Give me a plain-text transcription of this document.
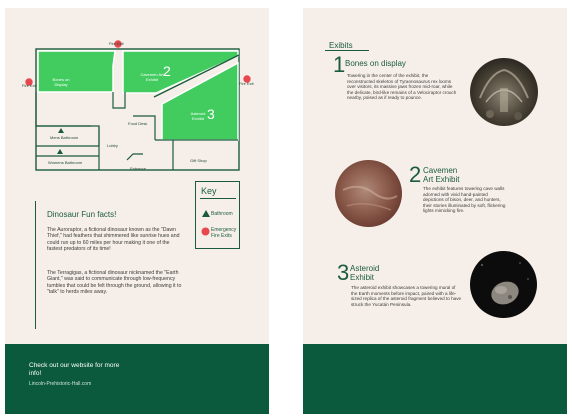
Fire Exit
Fire Exit	Fire Exit
Bones on
Display
Cavemen Art
Exhibit
2
Asteroid
Exhibit 3
Food Desk
Mens Bathroom
Womens Bathroom
Lobby
Entrance
Gift Shop
Key
Bathroom
Emergency
Fire Exits
Dinosaur Fun facts!
The Auroraptor, a fictional dinosaur known as the "Dawn Thief," had feathers that shimmered like sunrise hues and could run up to 60 miles per hour making it one of the fastest predators of its time!
The Terragigas, a fictional dinosaur nicknamed the "Earth Giant," was said to communicate through low-frequency tumbles that could be felt through the ground, allowing it to "talk" to herds miles away.
Check out our website for more
info!
Lincoln-Prehistoric-Hall.com
Exibits
1 Bones on display
Towering in the center of the exhibit, the reconstructed skeleton of Tyrannosaurus rex looms over visitors, its massive jaws frozen mid-roar, while the delicate, bird-like remains of a Velociraptor crouch nearby, poised as if ready to pounce.
2 Cavemen
Art Exhibit
The exhibit features towering cave walls adorned with vivid hand-painted depictions of bison, deer, and hunters, their stories illuminated by soft, flickering lights mimicking fire.
3 Asteroid
Exhibit
The asteroid exhibit showcases a towering mural of the Earth moments before impact, paired with a life-sized replica of the asteroid fragment believed to have struck the Yucatán Peninsula.
